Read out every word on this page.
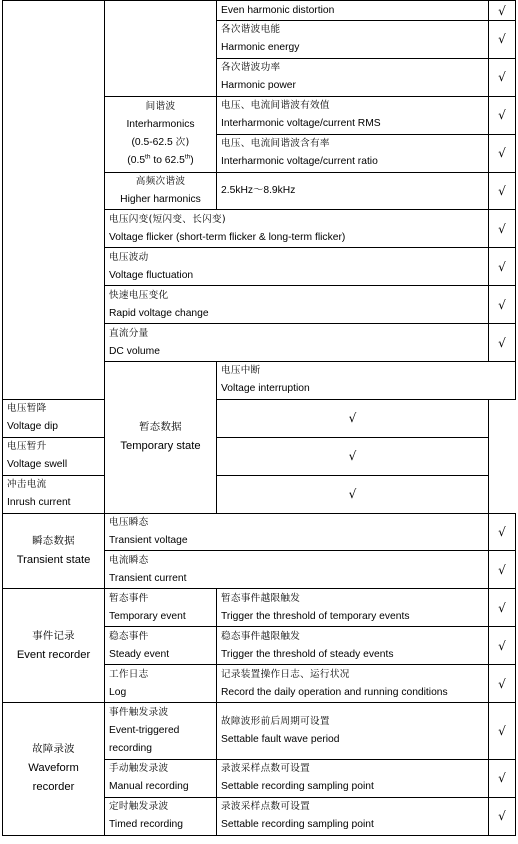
		Even harmonic distortion	√	

		各次谐波电能
Harmonic energy	√	

		各次谐波功率
Harmonic power	√	

	间谐波
Interharmonics
(0.5-62.5 次)
(0.5th to 62.5th)	电压、电流间谐波有效值
Interharmonic voltage/current RMS	√	

		电压、电流间谐波含有率
Interharmonic voltage/current ratio	√	

	高频次谐波
Higher harmonics	2.5kHz～8.9kHz	√	

	电压闪变(短闪变、长闪变)
Voltage flicker (short-term flicker & long-term flicker)		√	

	电压波动
Voltage fluctuation		√	

	快速电压变化
Rapid voltage change		√	

	直流分量
DC volume		√	

	暂态数据
Temporary state	电压中断
Voltage interruption

电压暂降
Voltage dip		√		

电压暂升
Voltage swell		√		

冲击电流
Inrush current		√		

瞬态数据
Transient state	电压瞬态
Transient voltage		√	

	电流瞬态
Transient current		√	

事件记录
Event recorder	暂态事件
Temporary event	暂态事件越限触发
Trigger the threshold of temporary events	√	

	稳态事件
Steady event	稳态事件越限触发
Trigger the threshold of steady events	√	

	工作日志
Log	记录装置操作日志、运行状况
Record the daily operation and running conditions	√	

故障录波
Waveform
recorder	事件触发录波
Event-triggered
recording	故障波形前后周期可设置
Settable fault wave period	√	

	手动触发录波
Manual recording	录波采样点数可设置
Settable recording sampling point	√	

	定时触发录波
Timed recording	录波采样点数可设置
Settable recording sampling point	√	
